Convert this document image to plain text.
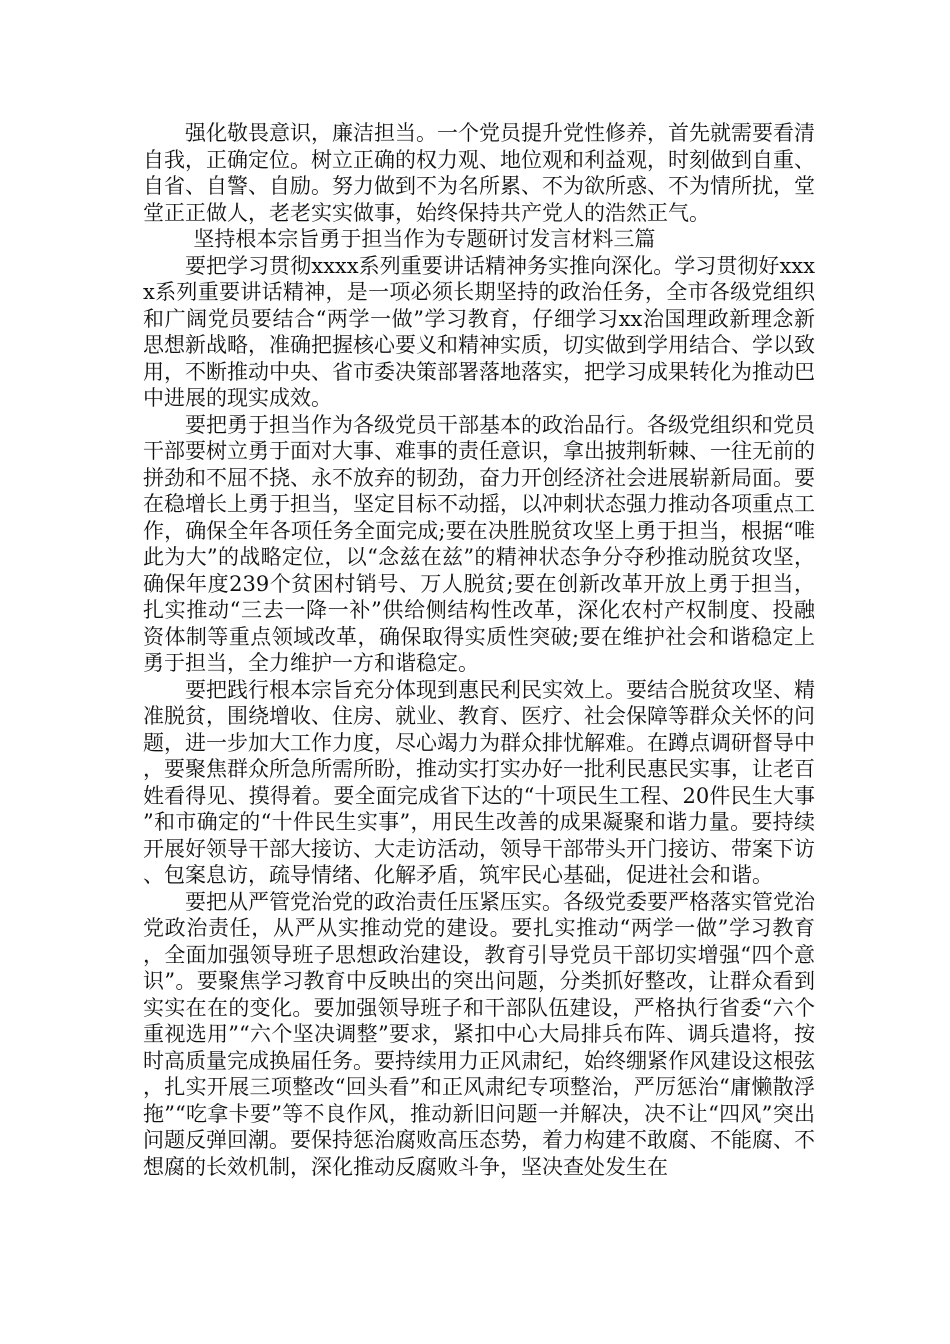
强化敬畏意识，廉洁担当。一个党员提升党性修养，首先就需要看清自我，正确定位。树立正确的权力观、地位观和利益观，时刻做到自重、自省、自警、自励。努力做到不为名所累、不为欲所惑、不为情所扰，堂堂正正做人，老老实实做事，始终保持共产党人的浩然正气。

坚持根本宗旨勇于担当作为专题研讨发言材料三篇

要把学习贯彻xxxx系列重要讲话精神务实推向深化。学习贯彻好xxxx系列重要讲话精神，是一项必须长期坚持的政治任务，全市各级党组织和广阔党员要结合“两学一做”学习教育，仔细学习xx治国理政新理念新思想新战略，准确把握核心要义和精神实质，切实做到学用结合、学以致用，不断推动中央、省市委决策部署落地落实，把学习成果转化为推动巴中进展的现实成效。

要把勇于担当作为各级党员干部基本的政治品行。各级党组织和党员干部要树立勇于面对大事、难事的责任意识，拿出披荆斩棘、一往无前的拼劲和不屈不挠、永不放弃的韧劲，奋力开创经济社会进展崭新局面。要在稳增长上勇于担当，坚定目标不动摇，以冲刺状态强力推动各项重点工作，确保全年各项任务全面完成;要在决胜脱贫攻坚上勇于担当，根据“唯此为大”的战略定位，以“念兹在兹”的精神状态争分夺秒推动脱贫攻坚，确保年度239个贫困村销号、万人脱贫;要在创新改革开放上勇于担当，扎实推动“三去一降一补”供给侧结构性改革，深化农村产权制度、投融资体制等重点领域改革，确保取得实质性突破;要在维护社会和谐稳定上勇于担当，全力维护一方和谐稳定。

要把践行根本宗旨充分体现到惠民利民实效上。要结合脱贫攻坚、精准脱贫，围绕增收、住房、就业、教育、医疗、社会保障等群众关怀的问题，进一步加大工作力度，尽心竭力为群众排忧解难。在蹲点调研督导中，要聚焦群众所急所需所盼，推动实打实办好一批利民惠民实事，让老百姓看得见、摸得着。要全面完成省下达的“十项民生工程、20件民生大事”和市确定的“十件民生实事”，用民生改善的成果凝聚和谐力量。要持续开展好领导干部大接访、大走访活动，领导干部带头开门接访、带案下访、包案息访，疏导情绪、化解矛盾，筑牢民心基础，促进社会和谐。

要把从严管党治党的政治责任压紧压实。各级党委要严格落实管党治党政治责任，从严从实推动党的建设。要扎实推动“两学一做”学习教育，全面加强领导班子思想政治建设，教育引导党员干部切实增强“四个意识”。要聚焦学习教育中反映出的突出问题，分类抓好整改，让群众看到实实在在的变化。要加强领导班子和干部队伍建设，严格执行省委“六个重视选用”“六个坚决调整”要求，紧扣中心大局排兵布阵、调兵遣将，按时高质量完成换届任务。要持续用力正风肃纪，始终绷紧作风建设这根弦，扎实开展三项整改“回头看”和正风肃纪专项整治，严厉惩治“庸懒散浮拖”“吃拿卡要”等不良作风，推动新旧问题一并解决，决不让“四风”突出问题反弹回潮。要保持惩治腐败高压态势，着力构建不敢腐、不能腐、不想腐的长效机制，深化推动反腐败斗争，坚决查处发生在
